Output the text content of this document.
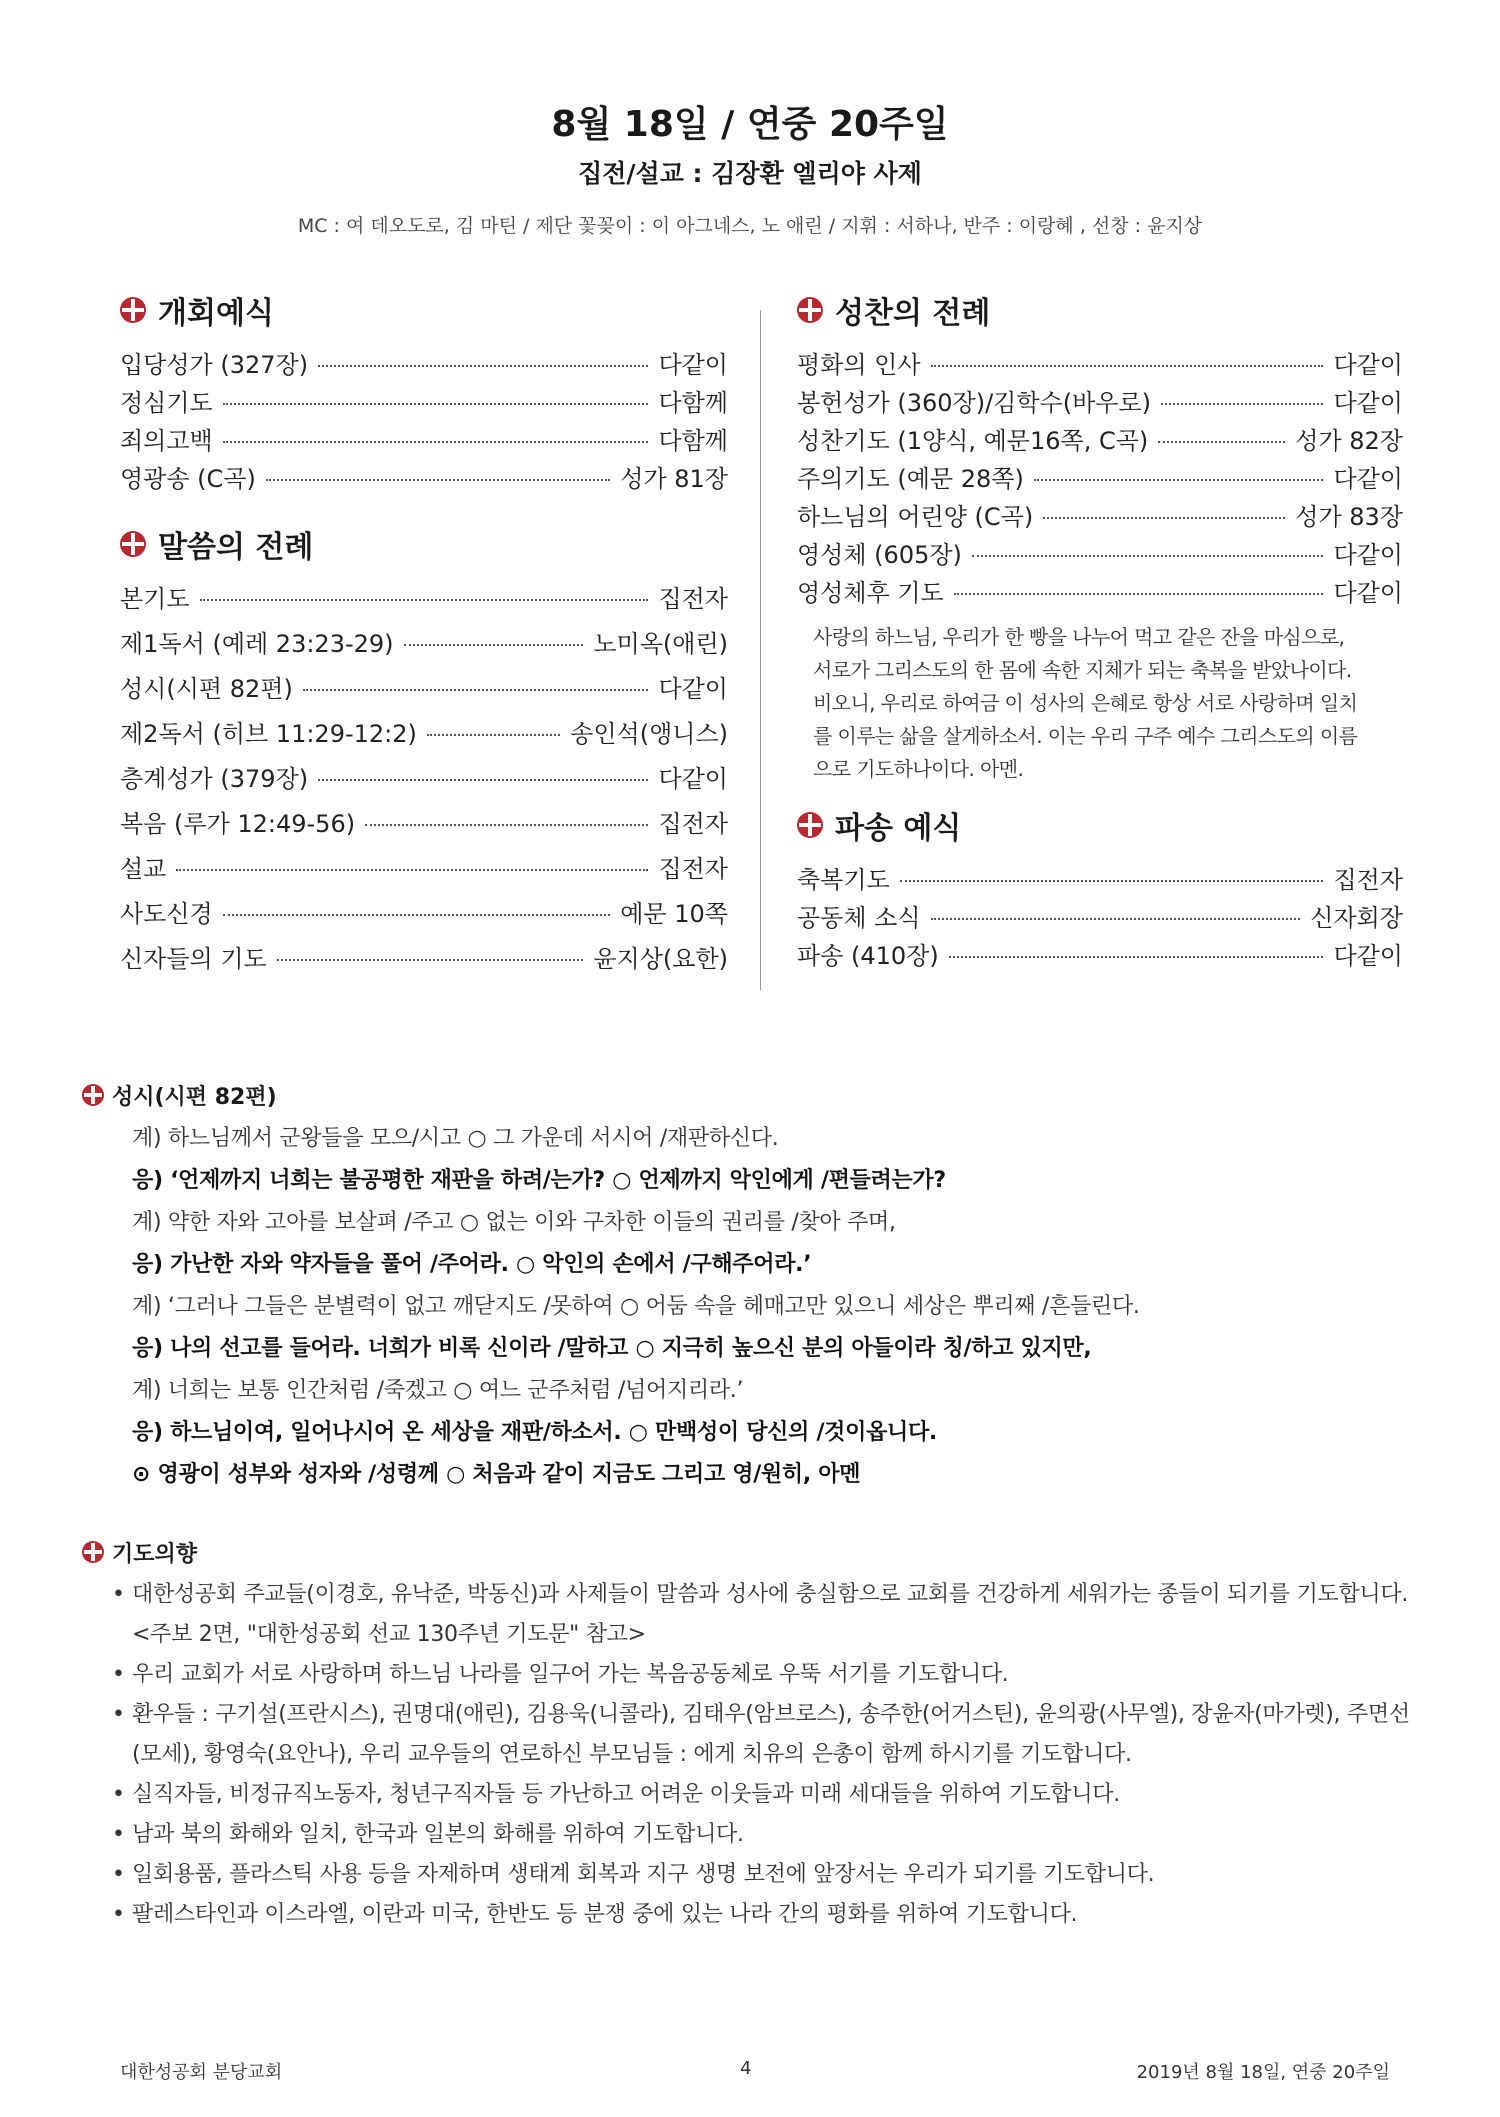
8월 18일 / 연중 20주일

집전/설교 : 김장환 엘리야 사제

MC : 여 데오도로, 김 마틴 / 제단 꽃꽂이 : 이 아그네스, 노 애린 / 지휘 : 서하나, 반주 : 이랑혜 , 선창 : 윤지상

개회예식
입당성가 (327장)	다같이
정심기도	다함께
죄의고백	다함께
영광송 (C곡)	성가 81장
말씀의 전례
본기도	집전자
제1독서 (예레 23:23-29)	노미옥(애린)
성시(시편 82편)	다같이
제2독서 (히브 11:29-12:2)	송인석(앵니스)
층계성가 (379장)	다같이
복음 (루가 12:49-56)	집전자
설교	집전자
사도신경	예문 10쪽
신자들의 기도	윤지상(요한)
성찬의 전례
평화의 인사	다같이
봉헌성가 (360장)/김학수(바우로)	다같이
성찬기도 (1양식, 예문16쪽, C곡)	성가 82장
주의기도 (예문 28쪽)	다같이
하느님의 어린양 (C곡)	성가 83장
영성체 (605장)	다같이
영성체후 기도	다같이
사랑의 하느님, 우리가 한 빵을 나누어 먹고 같은 잔을 마심으로,
서로가 그리스도의 한 몸에 속한 지체가 되는 축복을 받았나이다.
비오니, 우리로 하여금 이 성사의 은혜로 항상 서로 사랑하며 일치
를 이루는 삶을 살게하소서. 이는 우리 구주 예수 그리스도의 이름
으로 기도하나이다. 아멘.
파송 예식
축복기도	집전자
공동체 소식	신자회장
파송 (410장)	다같이
성시(시편 82편)
계) 하느님께서 군왕들을 모으/시고 ○ 그 가운데 서시어 /재판하신다.
응) ‘언제까지 너희는 불공평한 재판을 하려/는가? ○ 언제까지 악인에게 /편들려는가?
계) 약한 자와 고아를 보살펴 /주고 ○ 없는 이와 구차한 이들의 권리를 /찾아 주며,
응) 가난한 자와 약자들을 풀어 /주어라. ○ 악인의 손에서 /구해주어라.’
계) ‘그러나 그들은 분별력이 없고 깨닫지도 /못하여 ○ 어둠 속을 헤매고만 있으니 세상은 뿌리째 /흔들린다.
응) 나의 선고를 들어라. 너희가 비록 신이라 /말하고 ○ 지극히 높으신 분의 아들이라 칭/하고 있지만,
계) 너희는 보통 인간처럼 /죽겠고 ○ 여느 군주처럼 /넘어지리라.’
응) 하느님이여, 일어나시어 온 세상을 재판/하소서. ○ 만백성이 당신의 /것이옵니다.
⊙ 영광이 성부와 성자와 /성령께 ○ 처음과 같이 지금도 그리고 영/원히, 아멘
기도의향
• 대한성공회 주교들(이경호, 유낙준, 박동신)과 사제들이 말씀과 성사에 충실함으로 교회를 건강하게 세워가는 종들이 되기를 기도합니다. <주보 2면, "대한성공회 선교 130주년 기도문" 참고>
• 우리 교회가 서로 사랑하며 하느님 나라를 일구어 가는 복음공동체로 우뚝 서기를 기도합니다.
• 환우들 : 구기설(프란시스), 권명대(애린), 김용욱(니콜라), 김태우(암브로스), 송주한(어거스틴), 윤의광(사무엘), 장윤자(마가렛), 주면선(모세), 황영숙(요안나), 우리 교우들의 연로하신 부모님들 : 에게 치유의 은총이 함께 하시기를 기도합니다.
• 실직자들, 비정규직노동자, 청년구직자들 등 가난하고 어려운 이웃들과 미래 세대들을 위하여 기도합니다.
• 남과 북의 화해와 일치, 한국과 일본의 화해를 위하여 기도합니다.
• 일회용품, 플라스틱 사용 등을 자제하며 생태계 회복과 지구 생명 보전에 앞장서는 우리가 되기를 기도합니다.
• 팔레스타인과 이스라엘, 이란과 미국, 한반도 등 분쟁 중에 있는 나라 간의 평화를 위하여 기도합니다.
대한성공회 분당교회	4	2019년 8월 18일, 연중 20주일
